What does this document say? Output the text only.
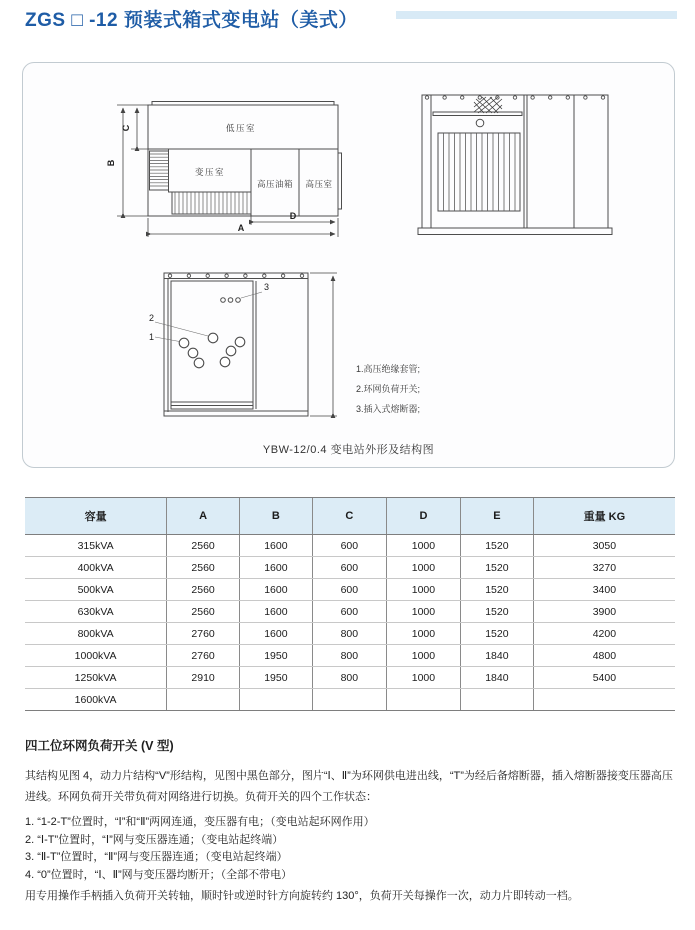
ZGS □ -12 预装式箱式变电站（美式）
低压室
变压室
高压油箱 高压室
B
C
A
D
3
2
1
1.高压绝缘套管;
2.环网负荷开关;
3.插入式熔断器;
YBW-12/0.4 变电站外形及结构图
容量	A	B	C	D	E	重量 KG
315kVA	2560	1600	600	1000	1520	3050
400kVA	2560	1600	600	1000	1520	3270
500kVA	2560	1600	600	1000	1520	3400
630kVA	2560	1600	600	1000	1520	3900
800kVA	2760	1600	800	1000	1520	4200
1000kVA	2760	1950	800	1000	1840	4800
1250kVA	2910	1950	800	1000	1840	5400
1600kVA						
四工位环网负荷开关 (V 型)

其结构见图 4，动力片结构“V”形结构，见图中黑色部分，图片“Ⅰ、Ⅱ”为环网供电进出线，“T”为经后备熔断器，插入熔断器接变压器高压进线。环网负荷开关带负荷对网络进行切换。负荷开关的四个工作状态：

1. “1-2-T”位置时，“Ⅰ”和“Ⅱ”两网连通，变压器有电；（变电站起环网作用）
2. “Ⅰ-T”位置时，“Ⅰ”网与变压器连通；（变电站起终端）
3. “Ⅱ-T”位置时，“Ⅱ”网与变压器连通；（变电站起终端）
4. “0”位置时，“Ⅰ、Ⅱ”网与变压器均断开；（全部不带电）

用专用操作手柄插入负荷开关转轴，顺时针或逆时针方向旋转约 130°，负荷开关每操作一次，动力片即转动一档。
